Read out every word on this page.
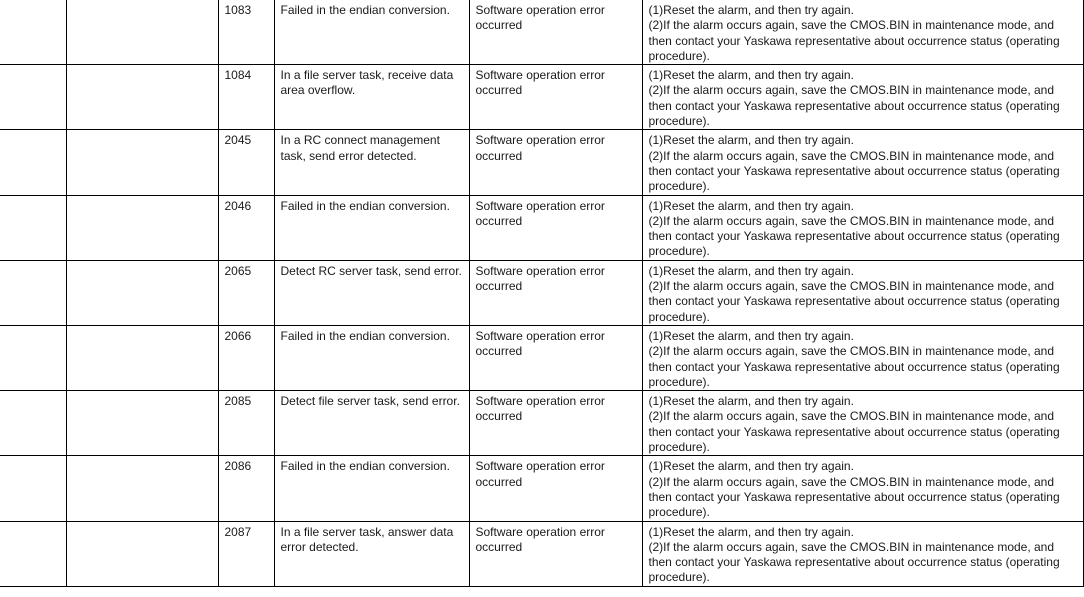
		1083	Failed in the endian conversion.	Software operation error occurred	(1)Reset the alarm, and then try again.
(2)If the alarm occurs again, save the CMOS.BIN in maintenance mode, and
then contact your Yaskawa representative about occurrence status (operating
procedure).

		1084	In a file server task, receive data area overflow.	Software operation error occurred	(1)Reset the alarm, and then try again.
(2)If the alarm occurs again, save the CMOS.BIN in maintenance mode, and
then contact your Yaskawa representative about occurrence status (operating
procedure).

		2045	In a RC connect management task, send error detected.	Software operation error occurred	(1)Reset the alarm, and then try again.
(2)If the alarm occurs again, save the CMOS.BIN in maintenance mode, and
then contact your Yaskawa representative about occurrence status (operating
procedure).

		2046	Failed in the endian conversion.	Software operation error occurred	(1)Reset the alarm, and then try again.
(2)If the alarm occurs again, save the CMOS.BIN in maintenance mode, and
then contact your Yaskawa representative about occurrence status (operating
procedure).

		2065	Detect RC server task, send error.	Software operation error occurred	(1)Reset the alarm, and then try again.
(2)If the alarm occurs again, save the CMOS.BIN in maintenance mode, and
then contact your Yaskawa representative about occurrence status (operating
procedure).

		2066	Failed in the endian conversion.	Software operation error occurred	(1)Reset the alarm, and then try again.
(2)If the alarm occurs again, save the CMOS.BIN in maintenance mode, and
then contact your Yaskawa representative about occurrence status (operating
procedure).

		2085	Detect file server task, send error.	Software operation error occurred	(1)Reset the alarm, and then try again.
(2)If the alarm occurs again, save the CMOS.BIN in maintenance mode, and
then contact your Yaskawa representative about occurrence status (operating
procedure).

		2086	Failed in the endian conversion.	Software operation error occurred	(1)Reset the alarm, and then try again.
(2)If the alarm occurs again, save the CMOS.BIN in maintenance mode, and
then contact your Yaskawa representative about occurrence status (operating
procedure).

		2087	In a file server task, answer data error detected.	Software operation error occurred	(1)Reset the alarm, and then try again.
(2)If the alarm occurs again, save the CMOS.BIN in maintenance mode, and
then contact your Yaskawa representative about occurrence status (operating
procedure).
